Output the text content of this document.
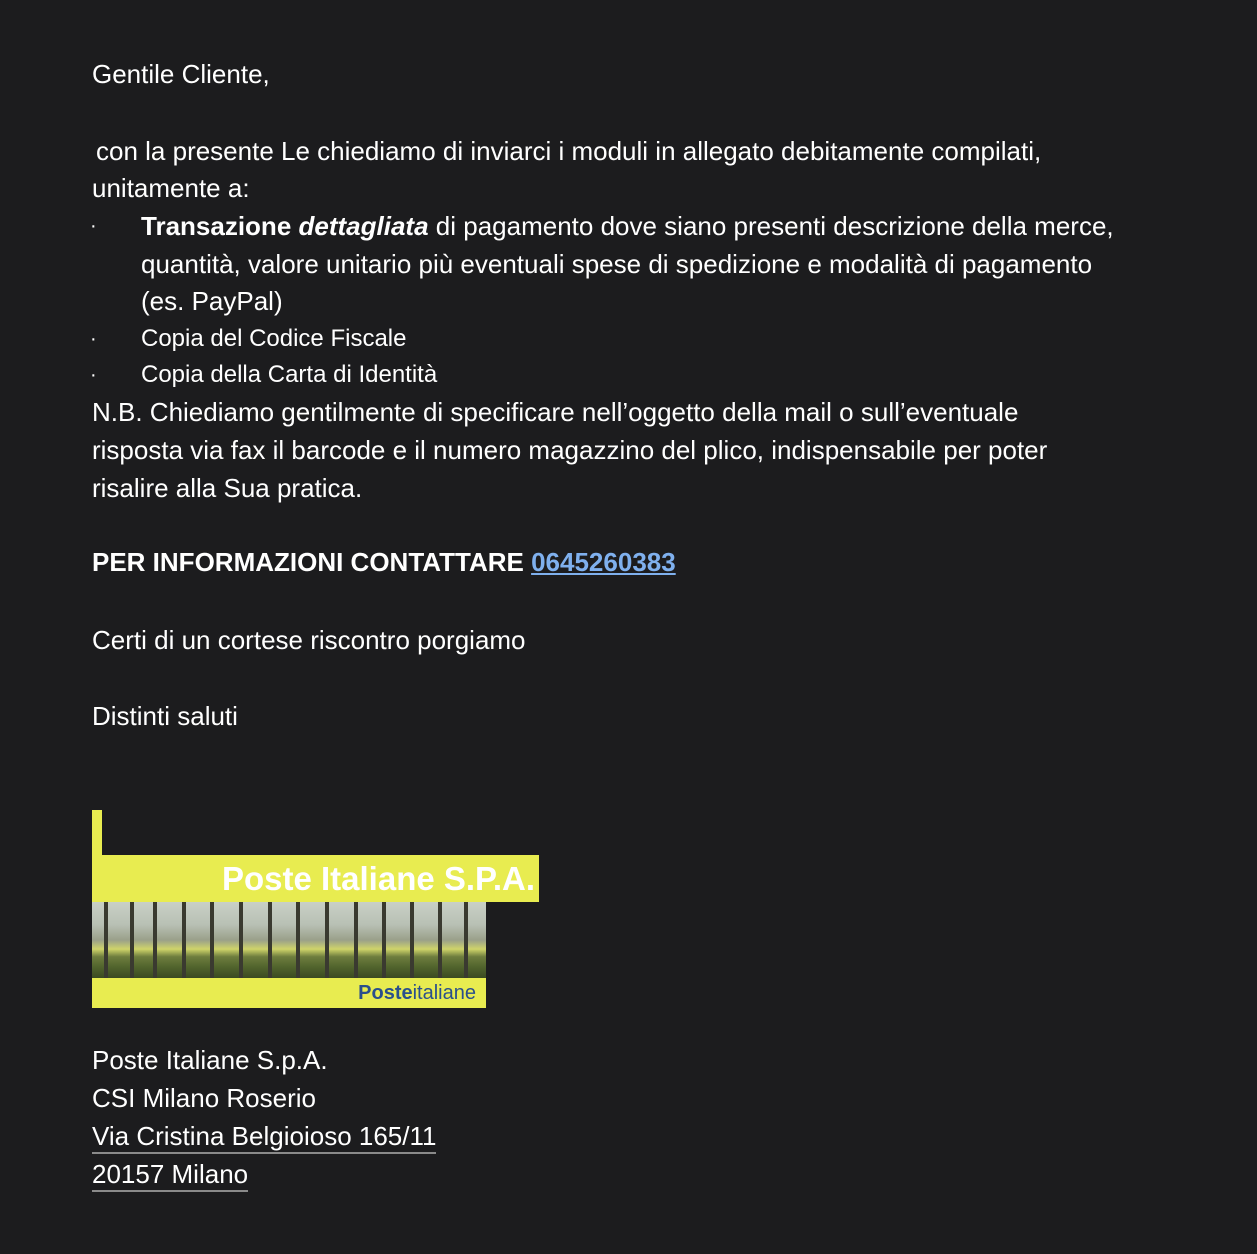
Gentile Cliente,
con la presente Le chiediamo di inviarci i moduli in allegato debitamente compilati,
unitamente a:
· Transazione dettagliata di pagamento dove siano presenti descrizione della merce,
quantità, valore unitario più eventuali spese di spedizione e modalità di pagamento
(es. PayPal)
· Copia del Codice Fiscale
· Copia della Carta di Identità
N.B. Chiediamo gentilmente di specificare nell’oggetto della mail o sull’eventuale
risposta via fax il barcode e il numero magazzino del plico, indispensabile per poter
risalire alla Sua pratica.
PER INFORMAZIONI CONTATTARE 0645260383
Certi di un cortese riscontro porgiamo
Distinti saluti
Poste Italiane S.p.A.
CSI Milano Roserio
Via Cristina Belgioioso 165/11
20157 Milano
Poste Italiane S.P.A.
Posteitaliane
